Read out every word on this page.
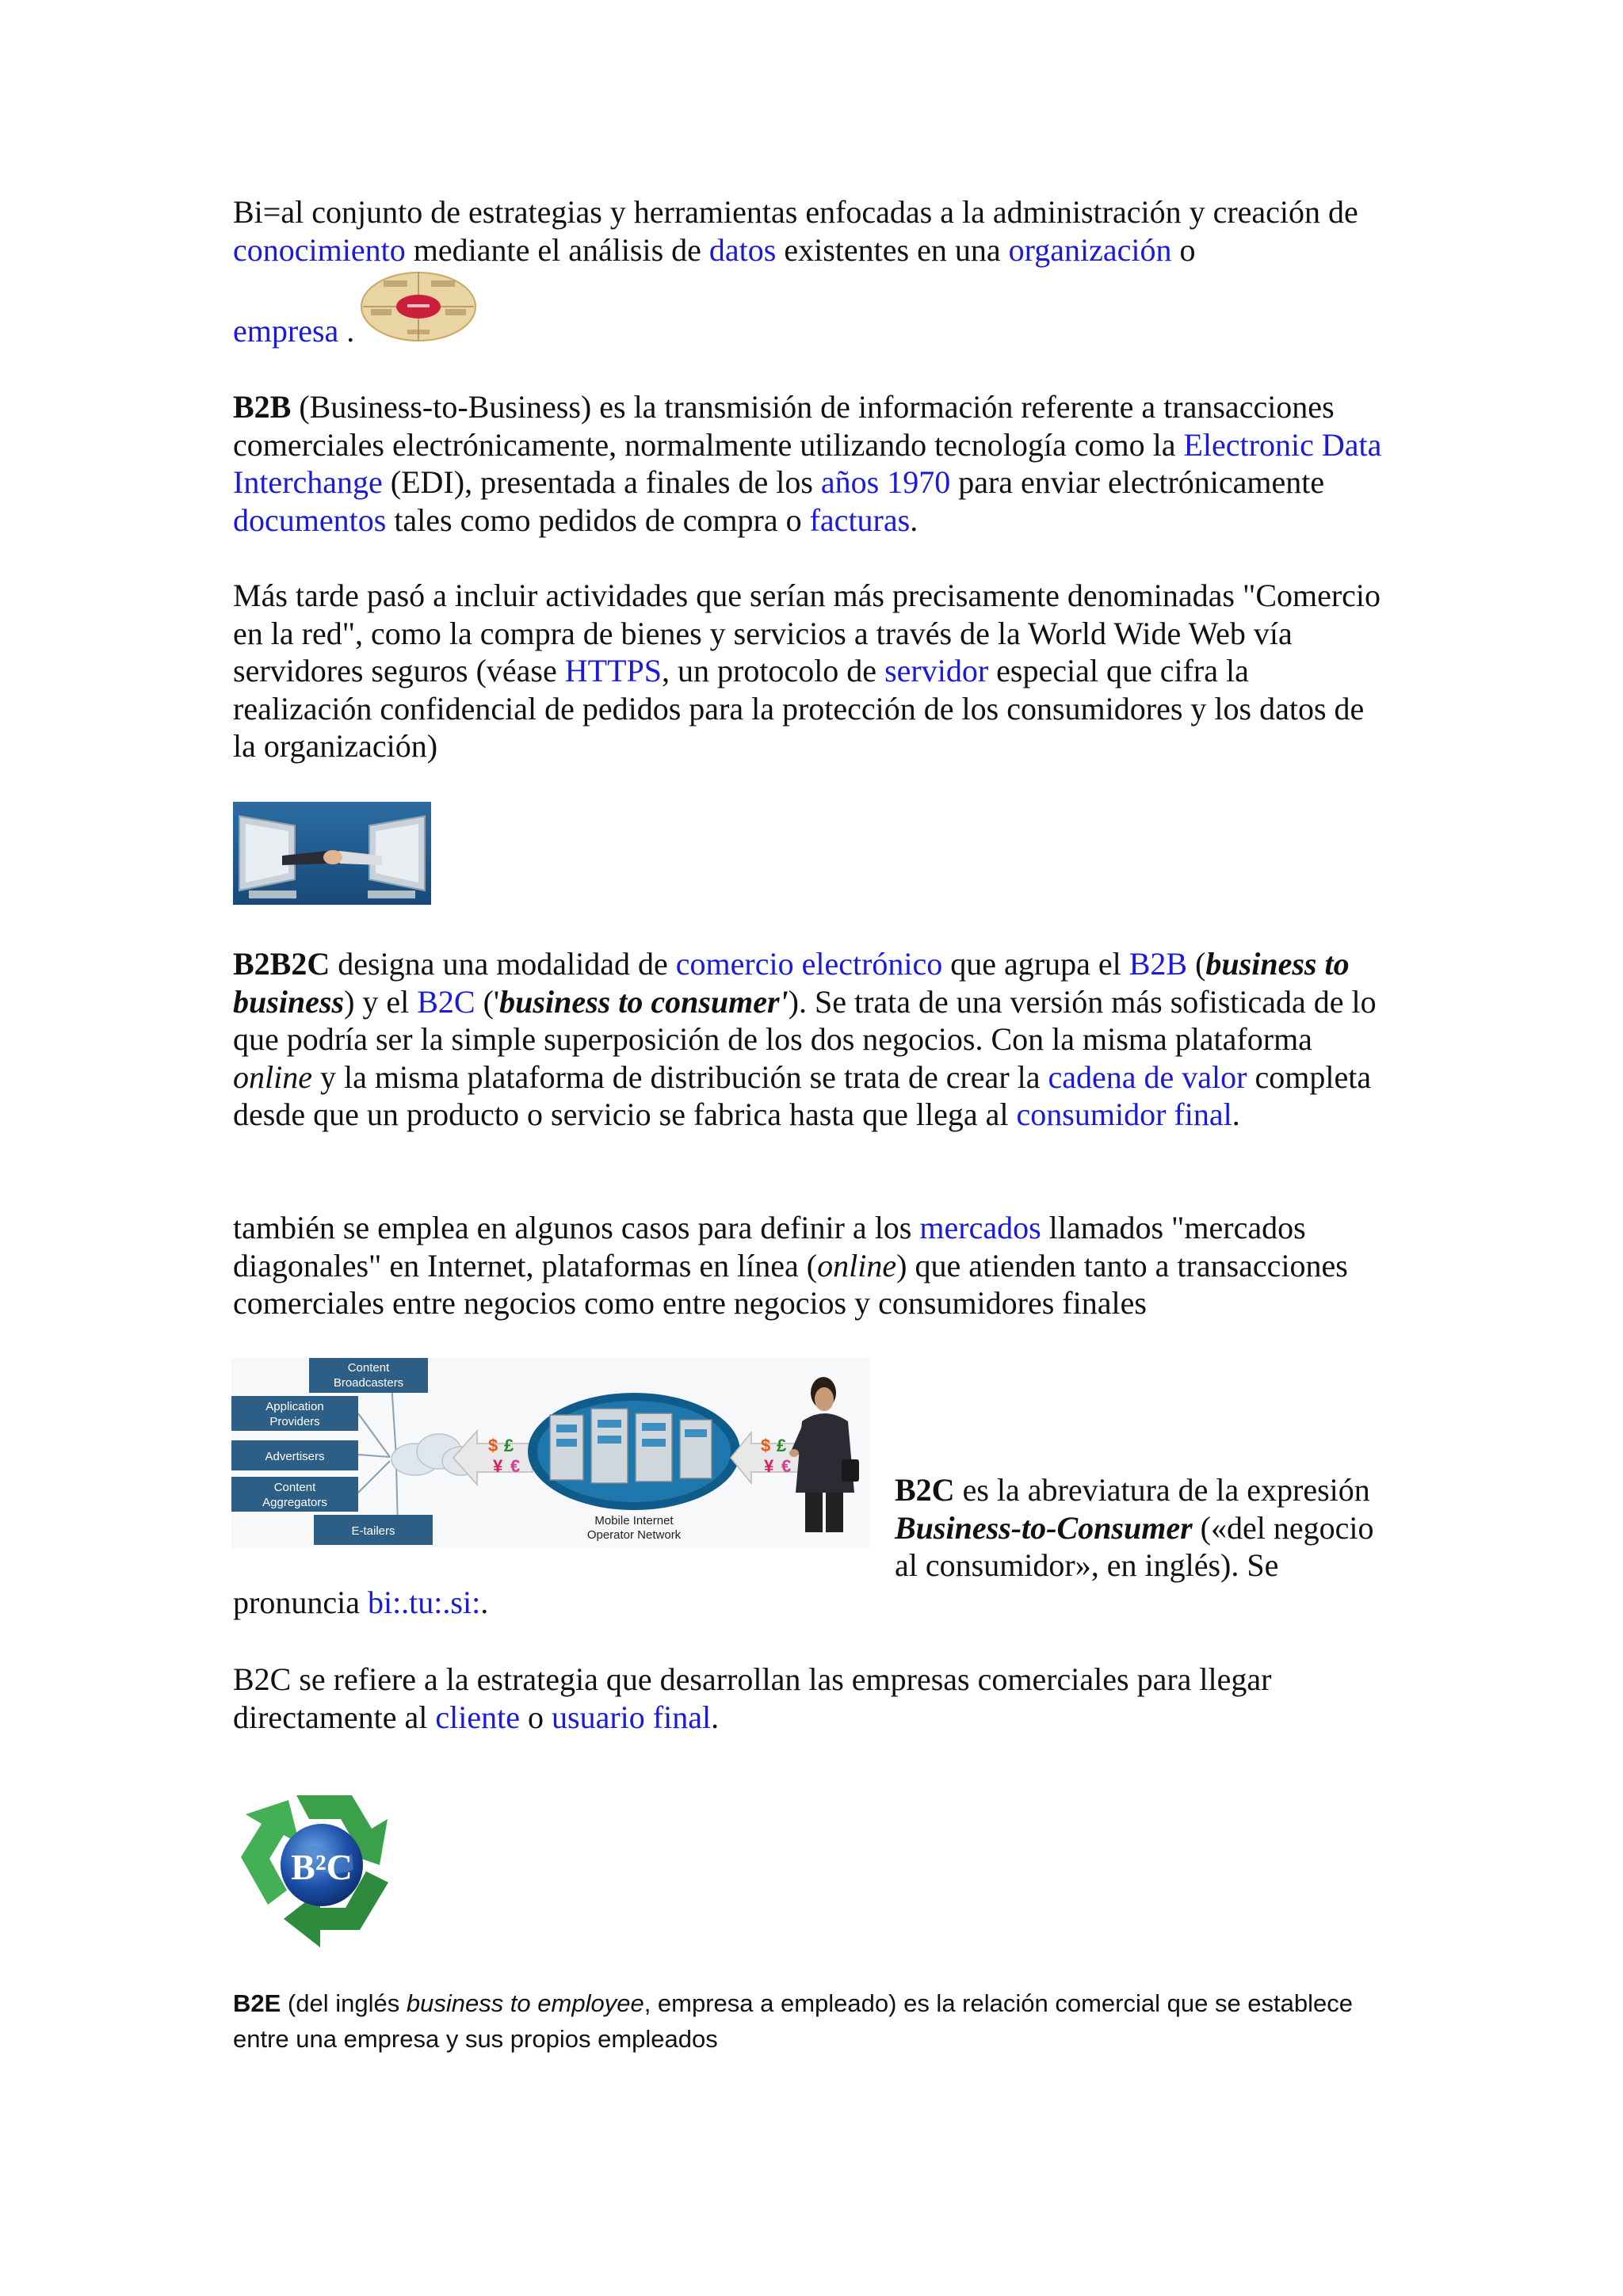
Bi=al conjunto de estrategias y herramientas enfocadas a la administración y creación de conocimiento mediante el análisis de datos existentes en una organización o
empresa .
B2B (Business-to-Business) es la transmisión de información referente a transacciones comerciales electrónicamente, normalmente utilizando tecnología como la Electronic Data Interchange (EDI), presentada a finales de los años 1970 para enviar electrónicamente documentos tales como pedidos de compra o facturas.
Más tarde pasó a incluir actividades que serían más precisamente denominadas "Comercio en la red", como la compra de bienes y servicios a través de la World Wide Web vía servidores seguros (véase HTTPS, un protocolo de servidor especial que cifra la realización confidencial de pedidos para la protección de los consumidores y los datos de la organización)
B2B2C designa una modalidad de comercio electrónico que agrupa el B2B (business to business) y el B2C ('business to consumer'). Se trata de una versión más sofisticada de lo que podría ser la simple superposición de los dos negocios. Con la misma plataforma online y la misma plataforma de distribución se trata de crear la cadena de valor completa desde que un producto o servicio se fabrica hasta que llega al consumidor final.
también se emplea en algunos casos para definir a los mercados llamados "mercados diagonales" en Internet, plataformas en línea (online) que atienden tanto a transacciones comerciales entre negocios como entre negocios y consumidores finales
Content
Broadcasters
Application
Providers
Advertisers
Content
Aggregators
E-tailers
$ £
¥ €
Mobile Internet
Operator Network
$ £
¥ €
B2C es la abreviatura de la expresión Business-to-Consumer («del negocio al consumidor», en inglés). Se
pronuncia bi:.tu:.si:.
B2C se refiere a la estrategia que desarrollan las empresas comerciales para llegar directamente al cliente o usuario final.
B²C
B2E (del inglés business to employee, empresa a empleado) es la relación comercial que se establece entre una empresa y sus propios empleados
